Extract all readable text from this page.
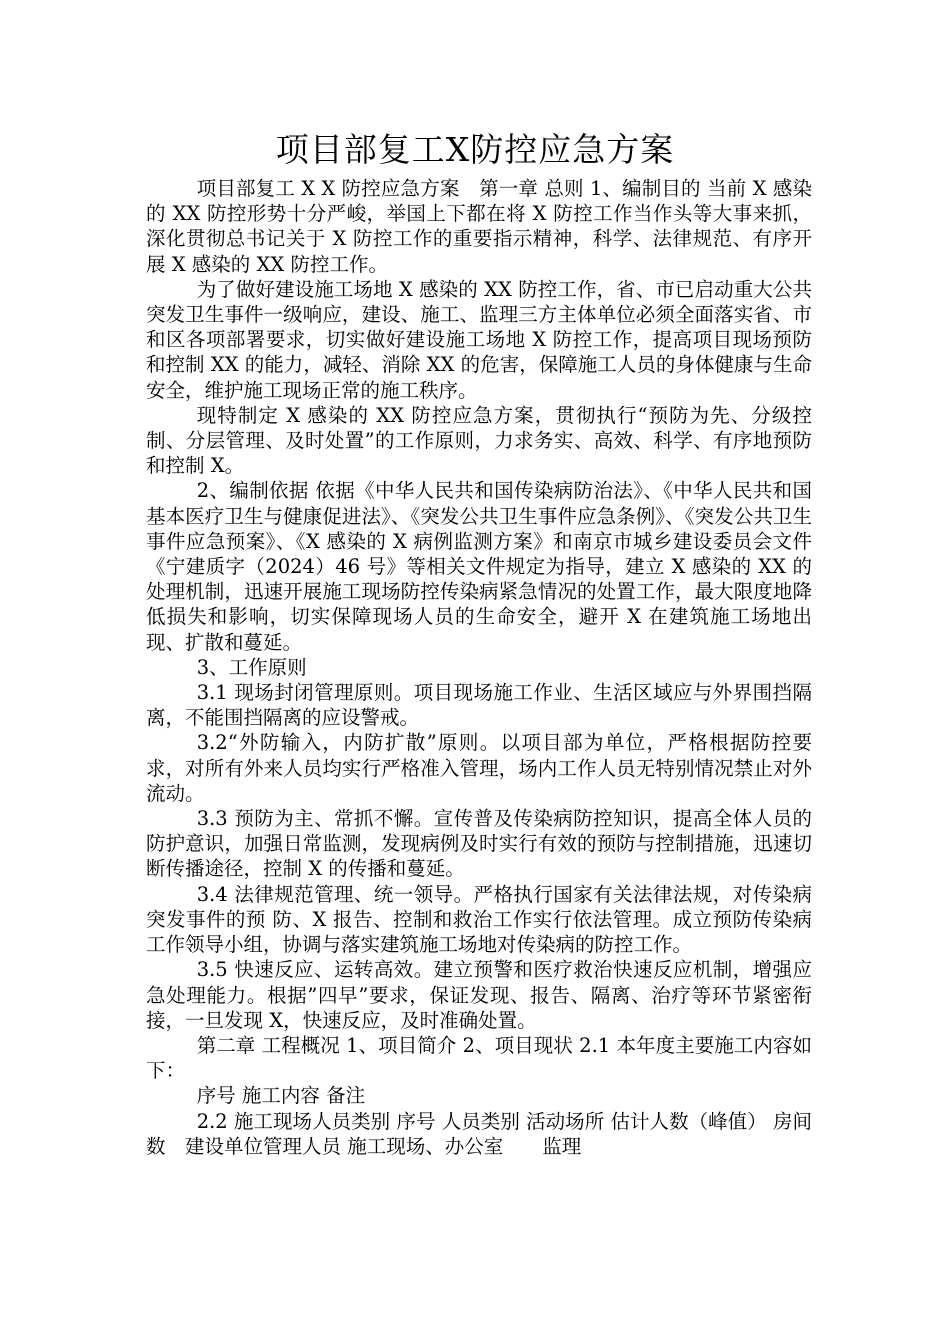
项目部复工X防控应急方案

项目部复工 X X 防控应急方案　第一章 总则 1、编制目的 当前 X 感染的 XX 防控形势十分严峻，举国上下都在将 X 防控工作当作头等大事来抓，深化贯彻总书记关于 X 防控工作的重要指示精神，科学、法律规范、有序开展 X 感染的 XX 防控工作。

为了做好建设施工场地 X 感染的 XX 防控工作，省、市已启动重大公共突发卫生事件一级响应，建设、施工、监理三方主体单位必须全面落实省、市和区各项部署要求，切实做好建设施工场地 X 防控工作，提高项目现场预防和控制 XX 的能力，减轻、消除 XX 的危害，保障施工人员的身体健康与生命安全，维护施工现场正常的施工秩序。

现特制定 X 感染的 XX 防控应急方案，贯彻执行“预防为先、分级控制、分层管理、及时处置”的工作原则，力求务实、高效、科学、有序地预防和控制 X。

2、编制依据 依据《中华人民共和国传染病防治法》、《中华人民共和国基本医疗卫生与健康促进法》、《突发公共卫生事件应急条例》、《突发公共卫生事件应急预案》、《X 感染的 X 病例监测方案》和南京市城乡建设委员会文件《宁建质字（2024）46 号》等相关文件规定为指导，建立 X 感染的 XX 的处理机制，迅速开展施工现场防控传染病紧急情况的处置工作，最大限度地降低损失和影响，切实保障现场人员的生命安全，避开 X 在建筑施工场地出现、扩散和蔓延。

3、工作原则

3.1 现场封闭管理原则。项目现场施工作业、生活区域应与外界围挡隔离，不能围挡隔离的应设警戒。

3.2“外防输入，内防扩散”原则。以项目部为单位，严格根据防控要求，对所有外来人员均实行严格准入管理，场内工作人员无特别情况禁止对外流动。

3.3 预防为主、常抓不懈。宣传普及传染病防控知识，提高全体人员的防护意识，加强日常监测，发现病例及时实行有效的预防与控制措施，迅速切断传播途径，控制 X 的传播和蔓延。

3.4 法律规范管理、统一领导。严格执行国家有关法律法规，对传染病突发事件的预 防、X 报告、控制和救治工作实行依法管理。成立预防传染病工作领导小组，协调与落实建筑施工场地对传染病的防控工作。

3.5 快速反应、运转高效。建立预警和医疗救治快速反应机制，增强应急处理能力。根据”四早”要求，保证发现、报告、隔离、治疗等环节紧密衔接，一旦发现 X，快速反应，及时准确处置。

第二章 工程概况 1、项目简介 2、项目现状 2.1 本年度主要施工内容如下：

序号 施工内容 备注

2.2 施工现场人员类别 序号 人员类别 活动场所 估计人数（峰值） 房间数　建设单位管理人员 施工现场、办公室　　监理
